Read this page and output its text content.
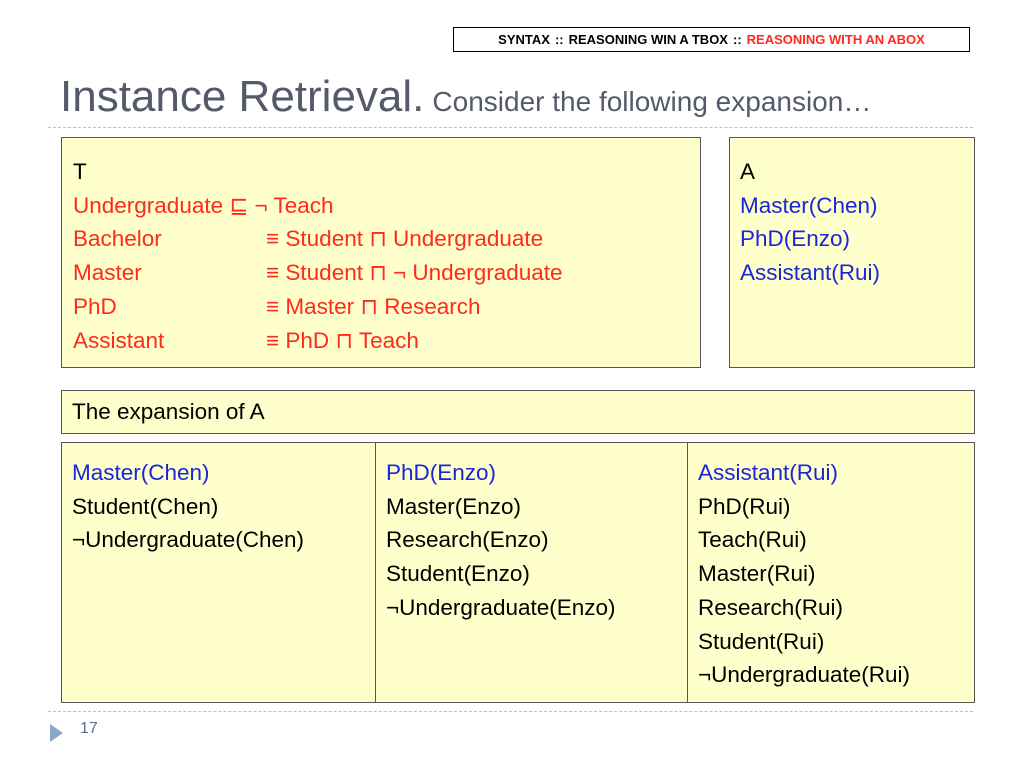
SYNTAX :: REASONING WIN A TBOX :: REASONING WITH AN ABOX
Instance Retrieval. Consider the following expansion…
T
Undergraduate ⊑ ¬ Teach
Bachelor	≡ Student ⊓ Undergraduate
Master	≡ Student ⊓ ¬ Undergraduate
PhD	≡ Master ⊓ Research
Assistant	≡ PhD ⊓ Teach
A
Master(Chen)
PhD(Enzo)
Assistant(Rui)
The expansion of A
Master(Chen)
Student(Chen)
¬Undergraduate(Chen)
PhD(Enzo)
Master(Enzo)
Research(Enzo)
Student(Enzo)
¬Undergraduate(Enzo)
Assistant(Rui)
PhD(Rui)
Teach(Rui)
Master(Rui)
Research(Rui)
Student(Rui)
¬Undergraduate(Rui)
17
